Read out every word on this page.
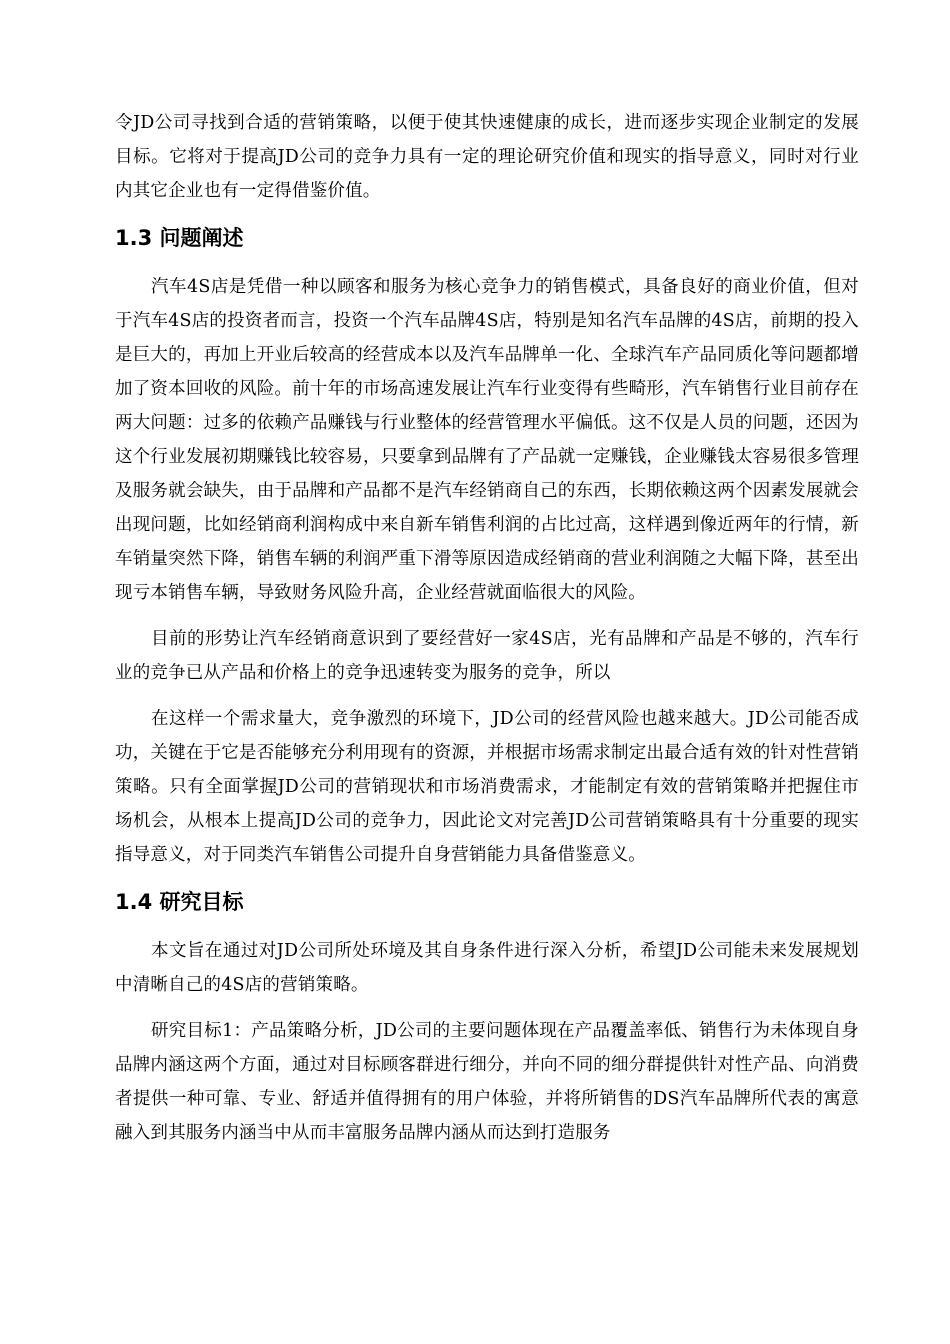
令JD公司寻找到合适的营销策略，以便于使其快速健康的成长，进而逐步实现企业制定的发展目标。它将对于提高JD公司的竞争力具有一定的理论研究价值和现实的指导意义，同时对行业内其它企业也有一定得借鉴价值。

1.3 问题阐述

汽车4S店是凭借一种以顾客和服务为核心竞争力的销售模式，具备良好的商业价值，但对于汽车4S店的投资者而言，投资一个汽车品牌4S店，特别是知名汽车品牌的4S店，前期的投入是巨大的，再加上开业后较高的经营成本以及汽车品牌单一化、全球汽车产品同质化等问题都增加了资本回收的风险。前十年的市场高速发展让汽车行业变得有些畸形，汽车销售行业目前存在两大问题：过多的依赖产品赚钱与行业整体的经营管理水平偏低。这不仅是人员的问题，还因为这个行业发展初期赚钱比较容易，只要拿到品牌有了产品就一定赚钱，企业赚钱太容易很多管理及服务就会缺失，由于品牌和产品都不是汽车经销商自己的东西，长期依赖这两个因素发展就会出现问题，比如经销商利润构成中来自新车销售利润的占比过高，这样遇到像近两年的行情，新车销量突然下降，销售车辆的利润严重下滑等原因造成经销商的营业利润随之大幅下降，甚至出现亏本销售车辆，导致财务风险升高，企业经营就面临很大的风险。

目前的形势让汽车经销商意识到了要经营好一家4S店，光有品牌和产品是不够的，汽车行业的竞争已从产品和价格上的竞争迅速转变为服务的竞争，所以

在这样一个需求量大，竞争激烈的环境下，JD公司的经营风险也越来越大。JD公司能否成功，关键在于它是否能够充分利用现有的资源，并根据市场需求制定出最合适有效的针对性营销策略。只有全面掌握JD公司的营销现状和市场消费需求，才能制定有效的营销策略并把握住市场机会，从根本上提高JD公司的竞争力，因此论文对完善JD公司营销策略具有十分重要的现实指导意义，对于同类汽车销售公司提升自身营销能力具备借鉴意义。

1.4 研究目标

本文旨在通过对JD公司所处环境及其自身条件进行深入分析，希望JD公司能未来发展规划中清晰自己的4S店的营销策略。

研究目标1：产品策略分析，JD公司的主要问题体现在产品覆盖率低、销售行为未体现自身品牌内涵这两个方面，通过对目标顾客群进行细分，并向不同的细分群提供针对性产品、向消费者提供一种可靠、专业、舒适并值得拥有的用户体验，并将所销售的DS汽车品牌所代表的寓意融入到其服务内涵当中从而丰富服务品牌内涵从而达到打造服务
